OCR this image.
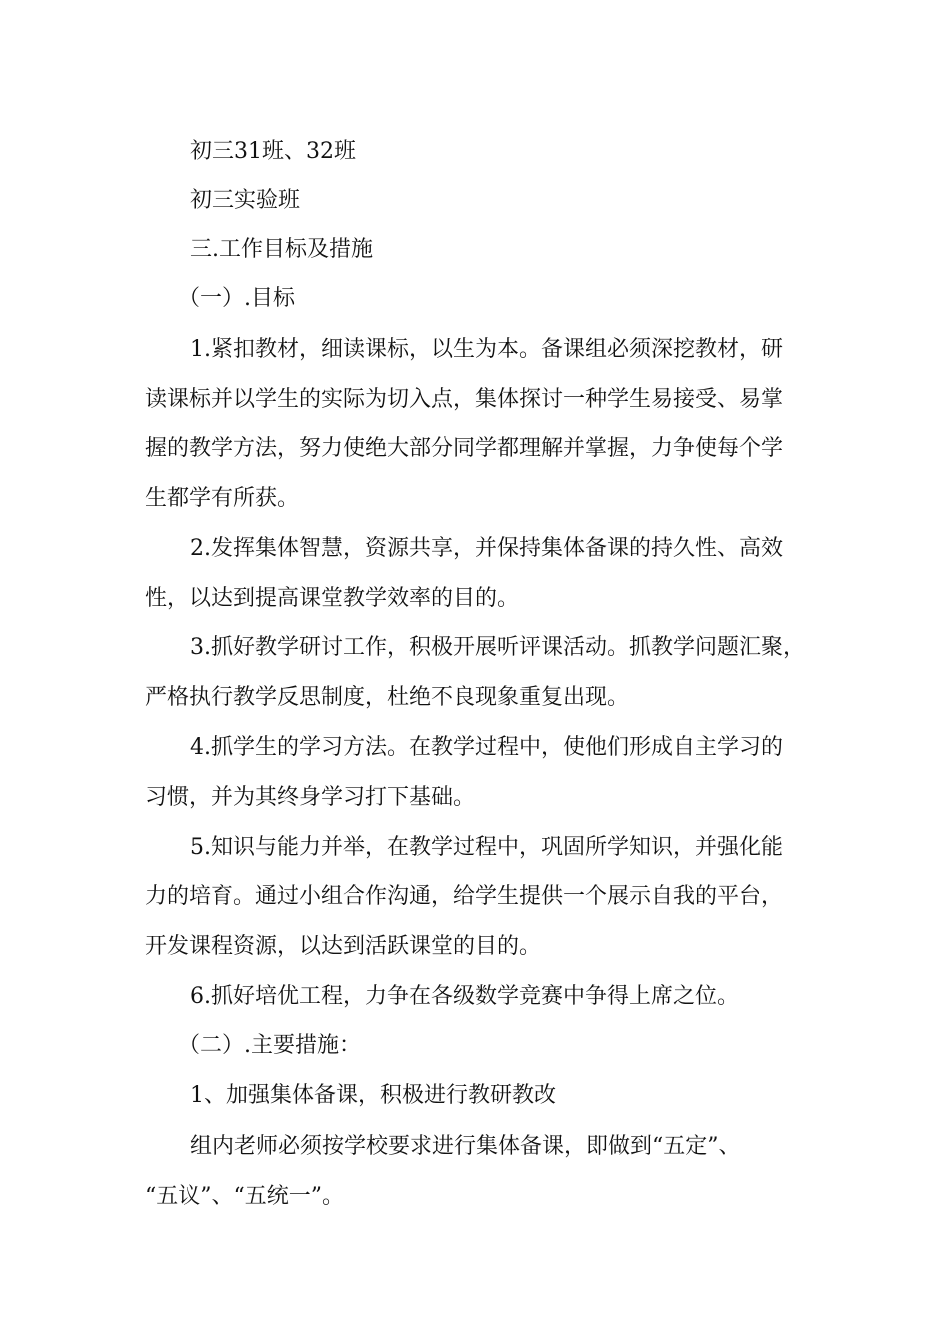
初三31班、32班
初三实验班
三.工作目标及措施
（一）.目标
1.紧扣教材，细读课标，以生为本。备课组必须深挖教材，研
读课标并以学生的实际为切入点，集体探讨一种学生易接受、易掌
握的教学方法，努力使绝大部分同学都理解并掌握，力争使每个学
生都学有所获。
2.发挥集体智慧，资源共享，并保持集体备课的持久性、高效
性，以达到提高课堂教学效率的目的。
3.抓好教学研讨工作，积极开展听评课活动。抓教学问题汇聚，
严格执行教学反思制度，杜绝不良现象重复出现。
4.抓学生的学习方法。在教学过程中，使他们形成自主学习的
习惯，并为其终身学习打下基础。
5.知识与能力并举，在教学过程中，巩固所学知识，并强化能
力的培育。通过小组合作沟通，给学生提供一个展示自我的平台，
开发课程资源，以达到活跃课堂的目的。
6.抓好培优工程，力争在各级数学竞赛中争得上席之位。
（二）.主要措施：
1、加强集体备课，积极进行教研教改
组内老师必须按学校要求进行集体备课，即做到“五定”、
“五议”、“五统一”。
